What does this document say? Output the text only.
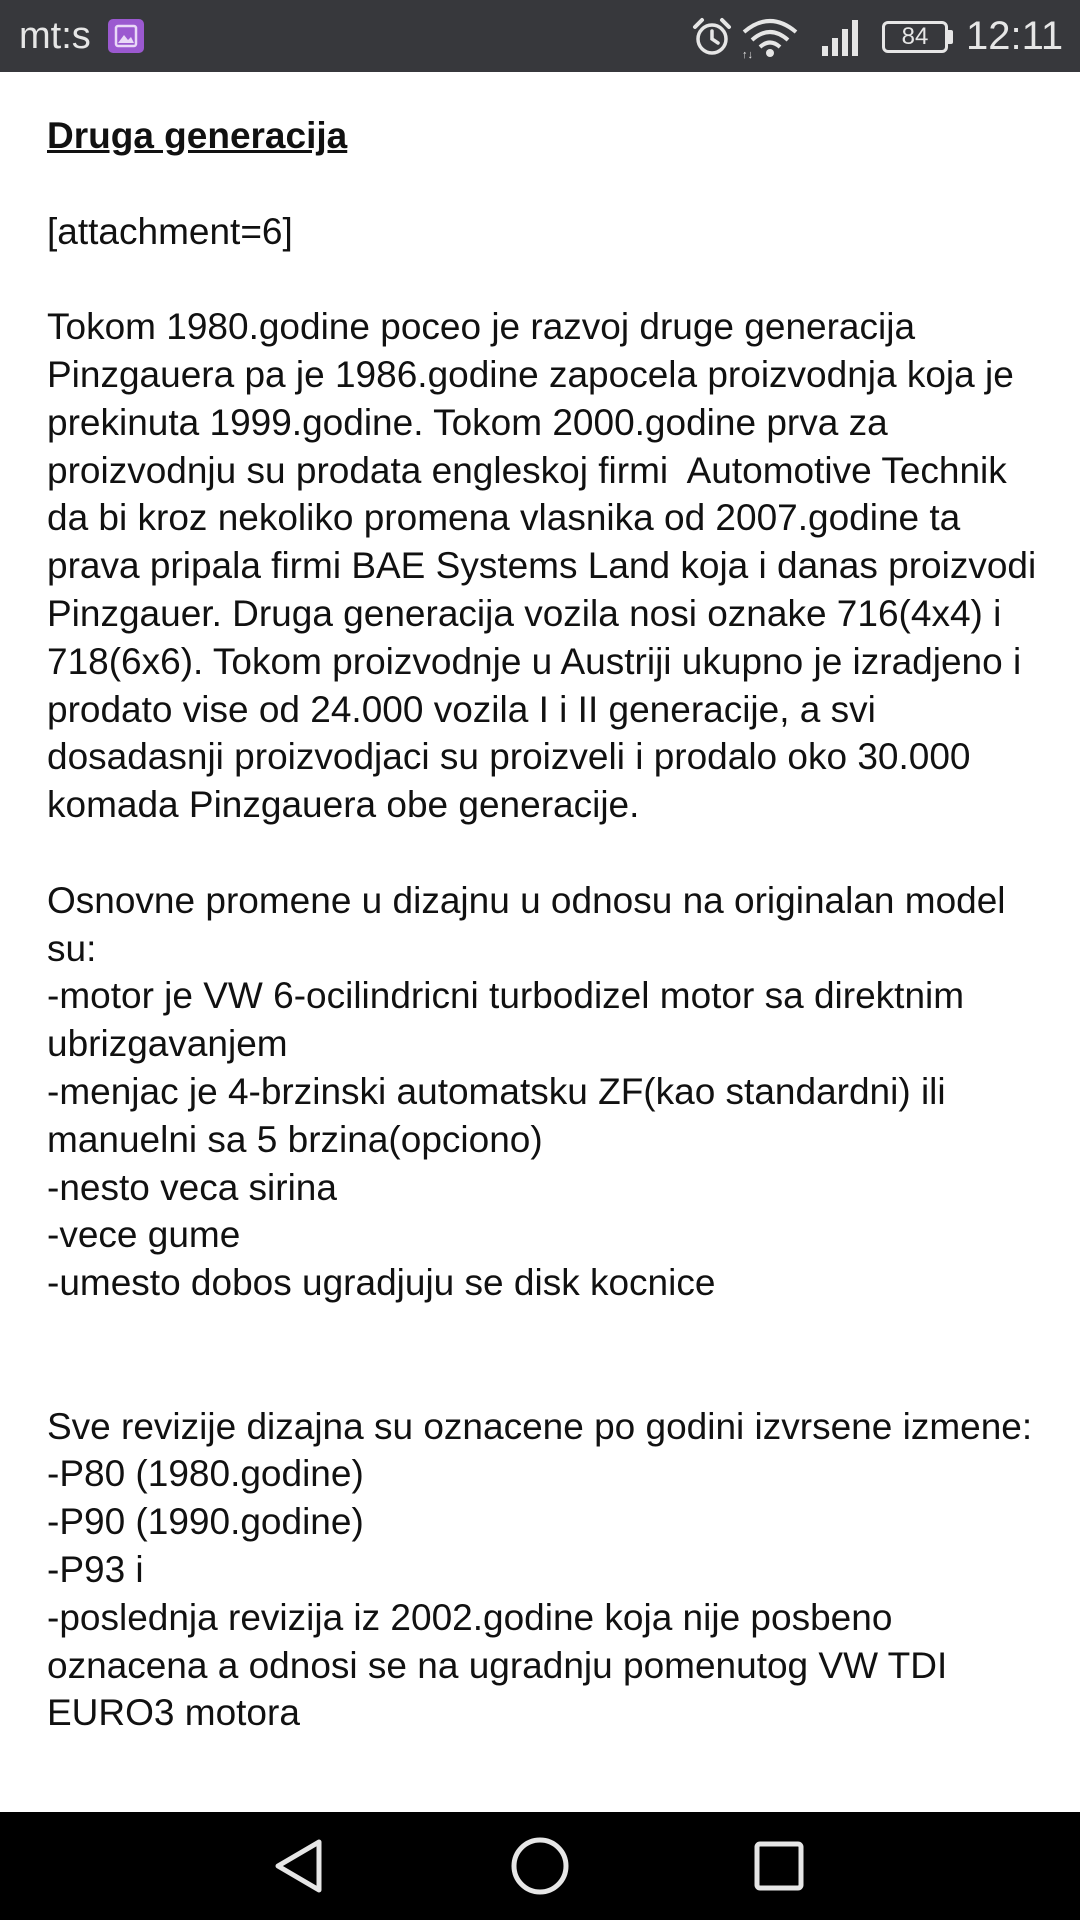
mt:s	↑↓
84 12:11
Druga generacija

[attachment=6]

Tokom 1980.godine poceo je razvoj druge generacija Pinzgauera pa je 1986.godine zapocela proizvodnja koja je prekinuta 1999.godine. Tokom 2000.godine prva za proizvodnju su prodata engleskoj firmi  Automotive Technik da bi kroz nekoliko promena vlasnika od 2007.godine ta prava pripala firmi BAE Systems Land koja i danas proizvodi Pinzgauer. Druga generacija vozila nosi oznake 716(4x4) i 718(6x6). Tokom proizvodnje u Austriji ukupno je izradjeno i prodato vise od 24.000 vozila I i II generacije, a svi dosadasnji proizvodjaci su proizveli i prodalo oko 30.000 komada Pinzgauera obe generacije.

Osnovne promene u dizajnu u odnosu na originalan model su:
-motor je VW 6-ocilindricni turbodizel motor sa direktnim ubrizgavanjem
-menjac je 4-brzinski automatsku ZF(kao standardni) ili manuelni sa 5 brzina(opciono)
-nesto veca sirina
-vece gume
-umesto dobos ugradjuju se disk kocnice

Sve revizije dizajna su oznacene po godini izvrsene izmene:
-P80 (1980.godine)
-P90 (1990.godine)
-P93 i
-poslednja revizija iz 2002.godine koja nije posbeno oznacena a odnosi se na ugradnju pomenutog VW TDI EURO3 motora
